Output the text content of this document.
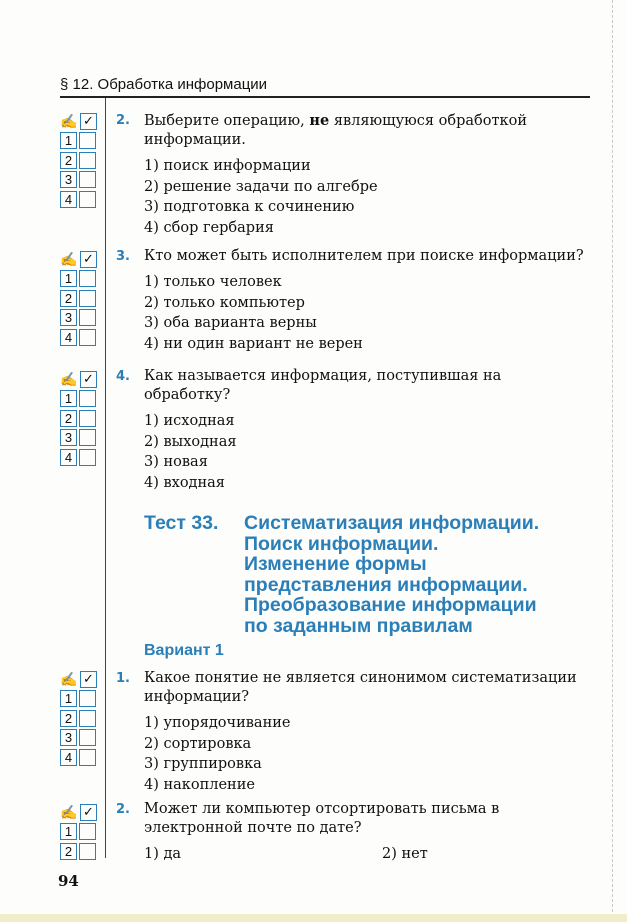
§ 12. Обработка информации
✍ ✓
1
2
3
4
2. Выберите операцию, не являющуюся обработкой информации.
1) поиск информации
2) решение задачи по алгебре
3) подготовка к сочинению
4) сбор гербария
✍ ✓
1
2
3
4
3. Кто может быть исполнителем при поиске информации?
1) только человек
2) только компьютер
3) оба варианта верны
4) ни один вариант не верен
✍ ✓
1
2
3
4
4. Как называется информация, поступившая на обработку?
1) исходная
2) выходная
3) новая
4) входная
Тест 33. Систематизация информации.
Поиск информации.
Изменение формы
представления информации.
Преобразование информации
по заданным правилам
Вариант 1
✍ ✓
1
2
3
4
1. Какое понятие не является синонимом систематизации информации?
1) упорядочивание
2) сортировка
3) группировка
4) накопление
✍ ✓
1
2
2. Может ли компьютер отсортировать письма в электронной почте по дате?
1) да	2) нет
94
